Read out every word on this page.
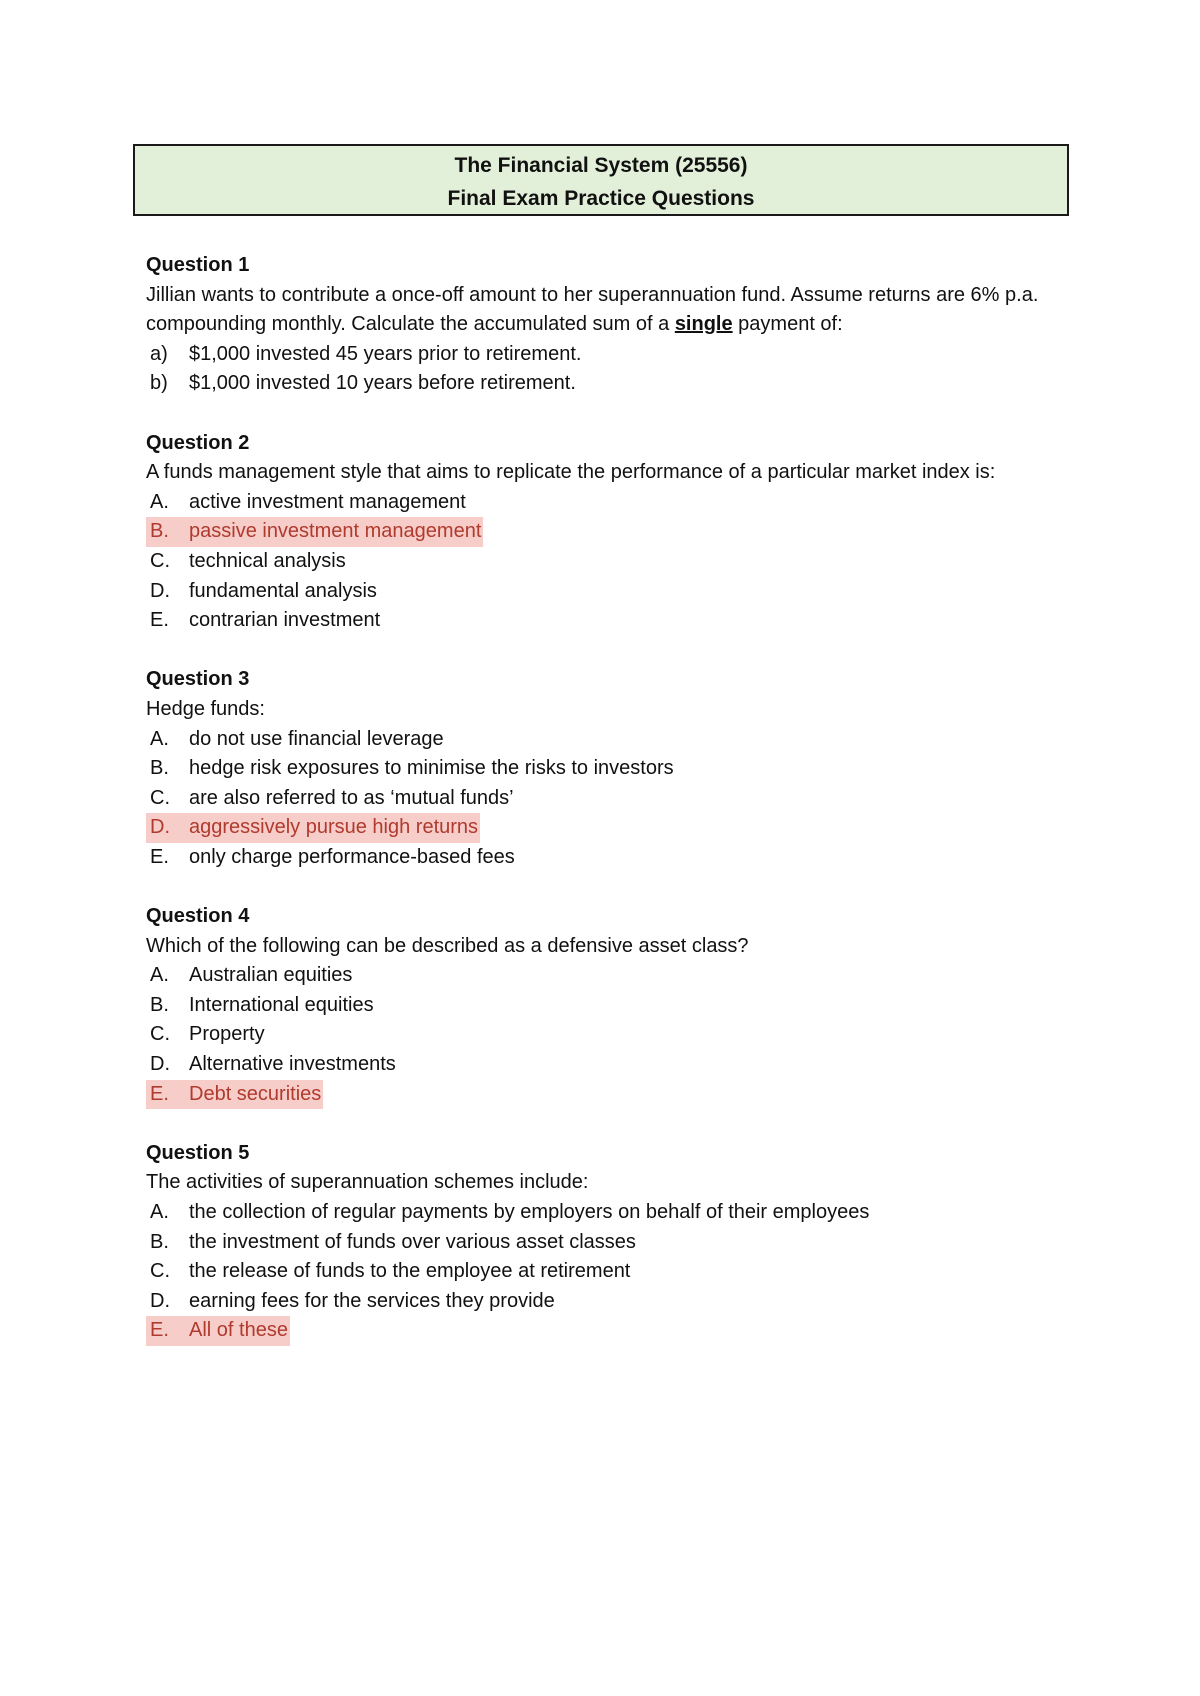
The Financial System (25556)
Final Exam Practice Questions
Question 1
Jillian wants to contribute a once-off amount to her superannuation fund. Assume returns are 6% p.a. compounding monthly. Calculate the accumulated sum of a single payment of:
a)	$1,000 invested 45 years prior to retirement.
b)	$1,000 invested 10 years before retirement.
Question 2
A funds management style that aims to replicate the performance of a particular market index is:
A.	active investment management
B.	passive investment management
C. technical analysis
D. fundamental analysis
E.	contrarian investment
Question 3
Hedge funds:
A.	do not use financial leverage
B.	hedge risk exposures to minimise the risks to investors
C. are also referred to as ‘mutual funds’
D. aggressively pursue high returns
E.	only charge performance-based fees
Question 4
Which of the following can be described as a defensive asset class?
A.	Australian equities
B.	International equities
C. Property
D. Alternative investments
E.	Debt securities
Question 5
The activities of superannuation schemes include:
A.	the collection of regular payments by employers on behalf of their employees
B.	the investment of funds over various asset classes
C. the release of funds to the employee at retirement
D. earning fees for the services they provide
E.	All of these
